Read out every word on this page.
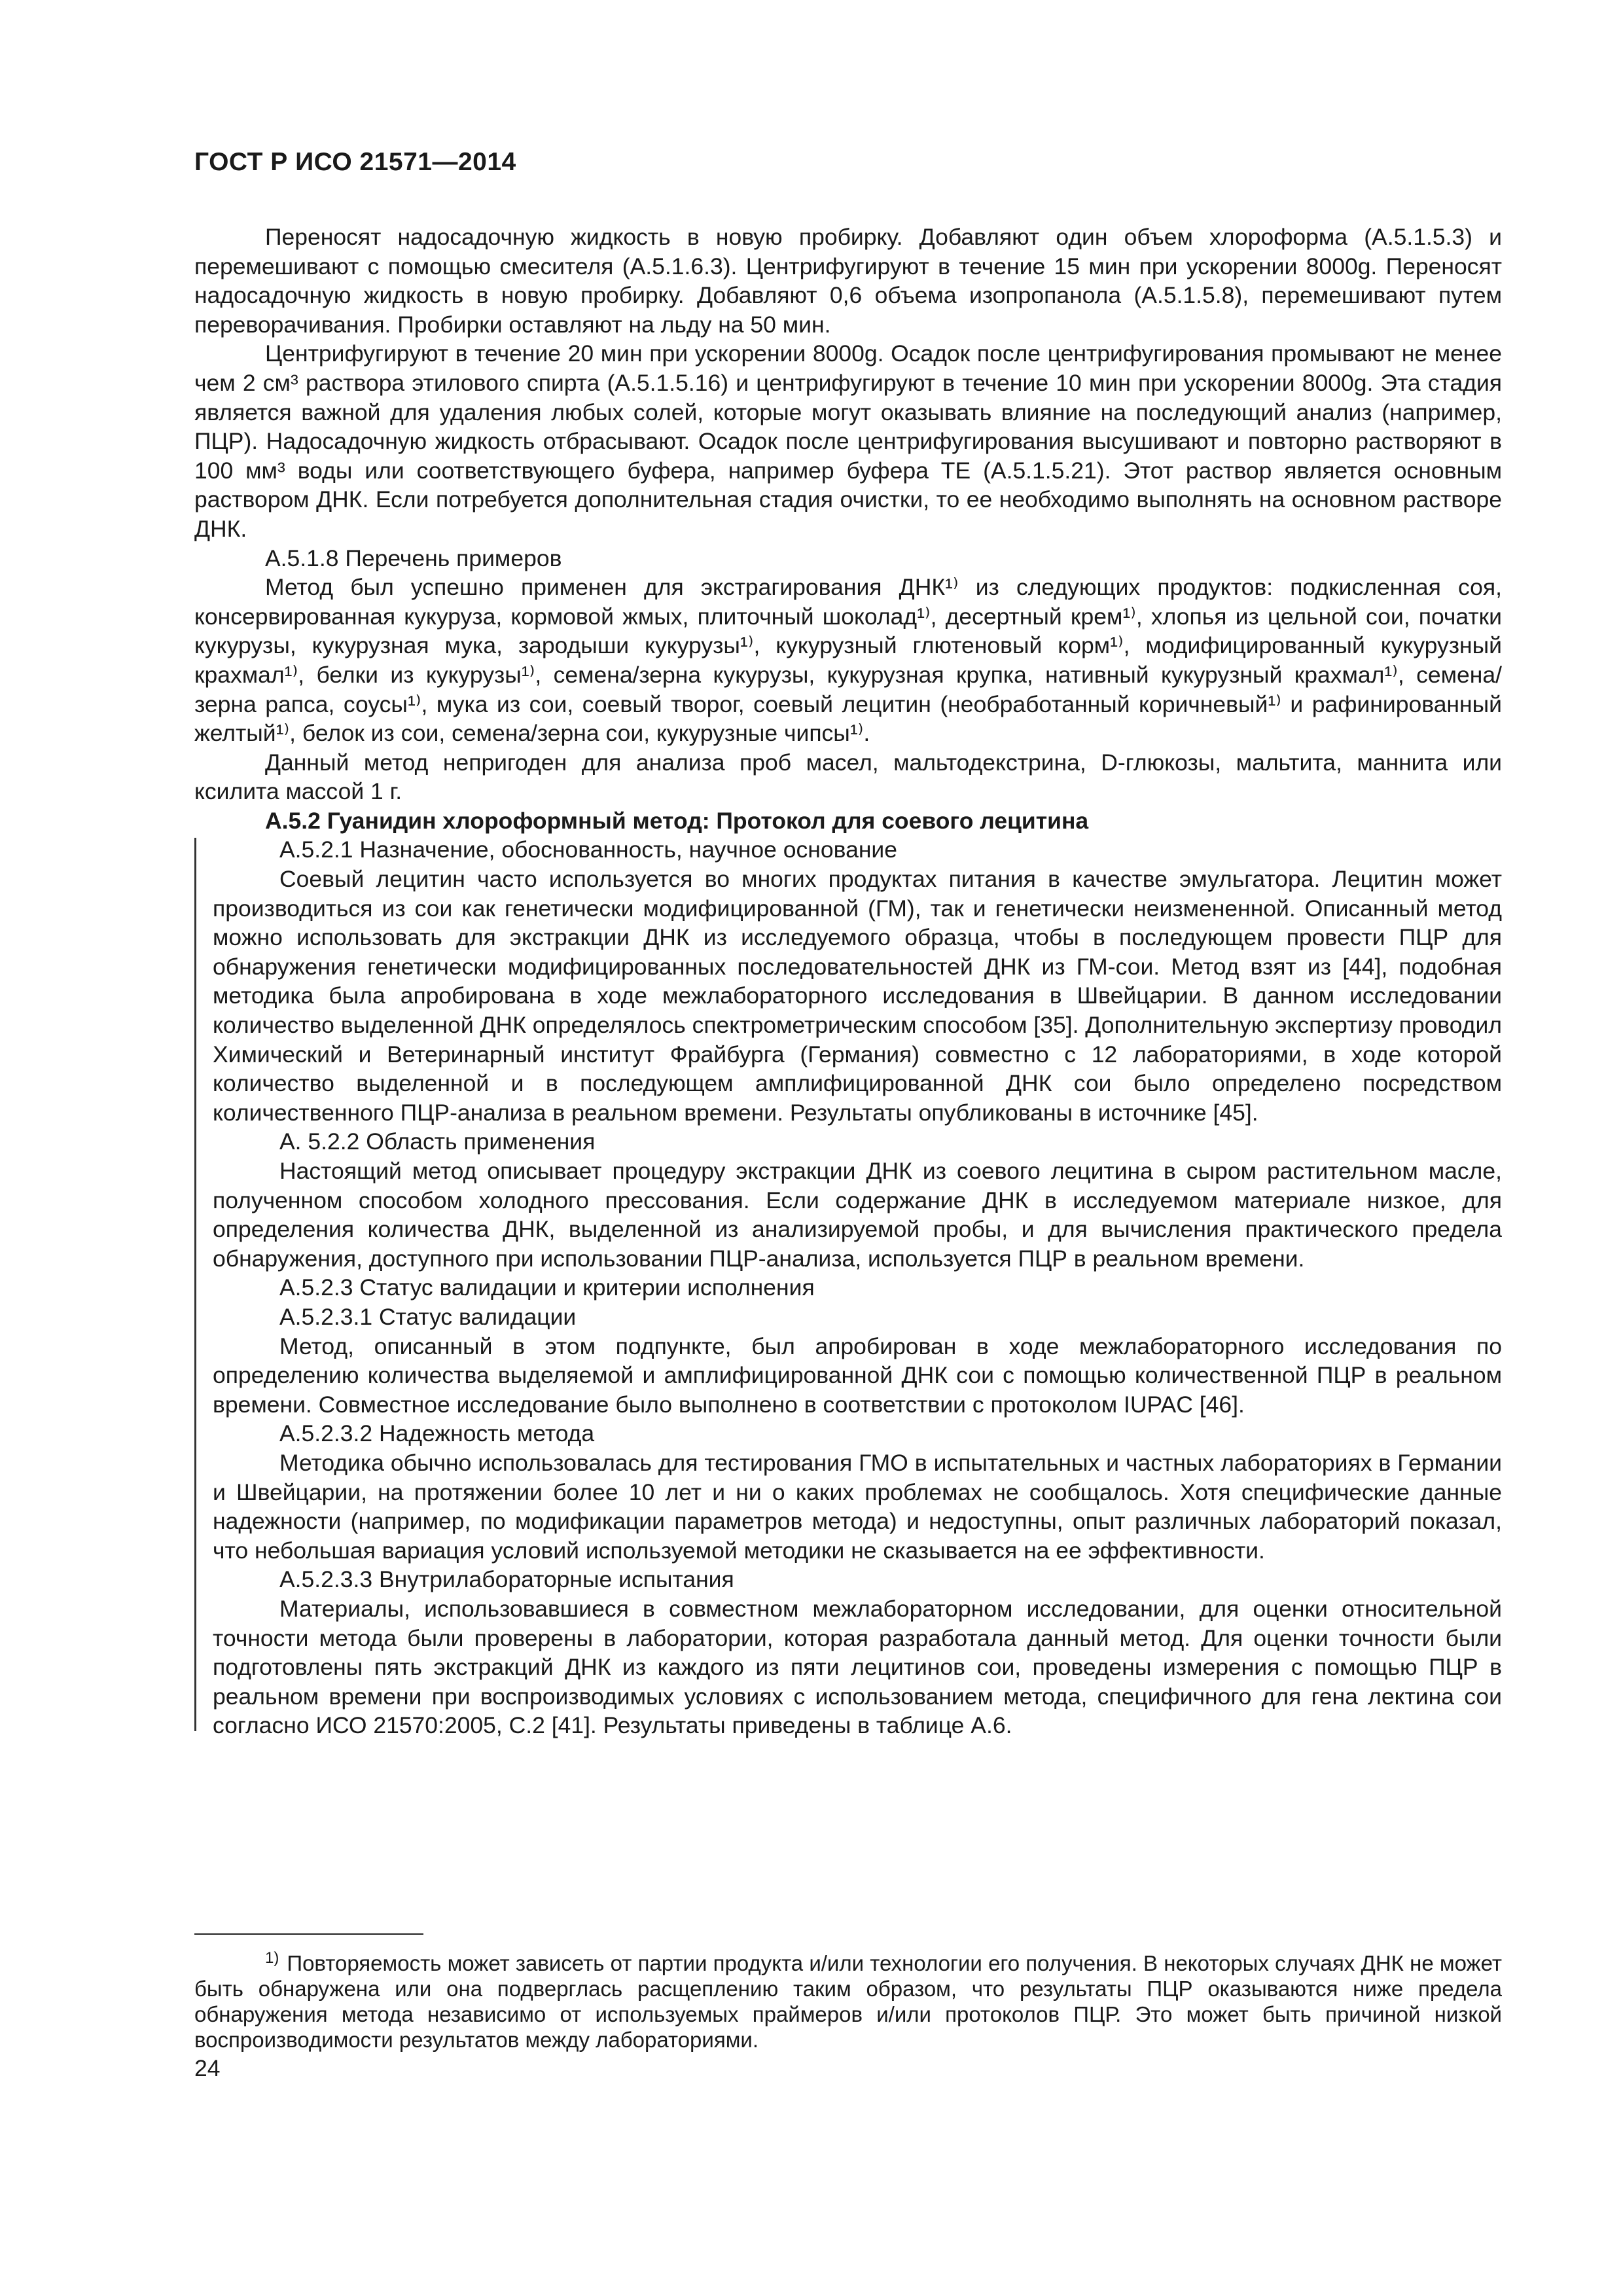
ГОСТ Р ИСО 21571—2014

Переносят надосадочную жидкость в новую пробирку. Добавляют один объем хлороформа (А.5.1.5.3) и перемешивают с помощью смесителя (А.5.1.6.3). Центрифугируют в течение 15 мин при ускорении 8000g. Переносят надосадочную жидкость в новую пробирку. Добавляют 0,6 объема изопропанола (А.5.1.5.8), перемешивают путем переворачивания. Пробирки оставляют на льду на 50 мин.

Центрифугируют в течение 20 мин при ускорении 8000g. Осадок после центрифугирования промывают не менее чем 2 см³ раствора этилового спирта (А.5.1.5.16) и центрифугируют в течение 10 мин при ускорении 8000g. Эта стадия является важной для удаления любых солей, которые могут оказывать влияние на последующий анализ (например, ПЦР). Надосадочную жидкость отбрасывают. Осадок после центрифугирования высушивают и повторно растворяют в 100 мм³ воды или соответствующего буфера, например буфера ТЕ (А.5.1.5.21). Этот раствор является основным раствором ДНК. Если потребуется дополнительная стадия очистки, то ее необходимо выполнять на основном растворе ДНК.

А.5.1.8 Перечень примеров

Метод был успешно применен для экстрагирования ДНК¹⁾ из следующих продуктов: подкисленная соя, консервированная кукуруза, кормовой жмых, плиточный шоколад¹⁾, десертный крем¹⁾, хлопья из цельной сои, початки кукурузы, кукурузная мука, зародыши кукурузы¹⁾, кукурузный глютеновый корм¹⁾, модифицированный кукурузный крахмал¹⁾, белки из кукурузы¹⁾, семена/зерна кукурузы, кукурузная крупка, нативный кукурузный крахмал¹⁾, семена/зерна рапса, соусы¹⁾, мука из сои, соевый творог, соевый лецитин (необработанный коричневый¹⁾ и рафинированный желтый¹⁾, белок из сои, семена/зерна сои, кукурузные чипсы¹⁾.

Данный метод непригоден для анализа проб масел, мальтодекстрина, D-глюкозы, мальтита, маннита или ксилита массой 1 г.

А.5.2 Гуанидин хлороформный метод: Протокол для соевого лецитина

А.5.2.1 Назначение, обоснованность, научное основание

Соевый лецитин часто используется во многих продуктах питания в качестве эмульгатора. Лецитин может производиться из сои как генетически модифицированной (ГМ), так и генетически неизмененной. Описанный метод можно использовать для экстракции ДНК из исследуемого образца, чтобы в последующем провести ПЦР для обнаружения генетически модифицированных последовательностей ДНК из ГМ-сои. Метод взят из [44], подобная методика была апробирована в ходе межлабораторного исследования в Швейцарии. В данном исследовании количество выделенной ДНК определялось спектрометрическим способом [35]. Дополнительную экспертизу проводил Химический и Ветеринарный институт Фрайбурга (Германия) совместно с 12 лабораториями, в ходе которой количество выделенной и в последующем амплифицированной ДНК сои было определено посредством количественного ПЦР-анализа в реальном времени. Результаты опубликованы в источнике [45].

А. 5.2.2 Область применения

Настоящий метод описывает процедуру экстракции ДНК из соевого лецитина в сыром растительном масле, полученном способом холодного прессования. Если содержание ДНК в исследуемом материале низкое, для определения количества ДНК, выделенной из анализируемой пробы, и для вычисления практического предела обнаружения, доступного при использовании ПЦР-анализа, используется ПЦР в реальном времени.

А.5.2.3 Статус валидации и критерии исполнения

А.5.2.3.1 Статус валидации

Метод, описанный в этом подпункте, был апробирован в ходе межлабораторного исследования по определению количества выделяемой и амплифицированной ДНК сои с помощью количественной ПЦР в реальном времени. Совместное исследование было выполнено в соответствии с протоколом IUPAC [46].

А.5.2.3.2 Надежность метода

Методика обычно использовалась для тестирования ГМО в испытательных и частных лабораториях в Германии и Швейцарии, на протяжении более 10 лет и ни о каких проблемах не сообщалось. Хотя специфические данные надежности (например, по модификации параметров метода) и недоступны, опыт различных лабораторий показал, что небольшая вариация условий используемой методики не сказывается на ее эффективности.

А.5.2.3.3 Внутрилабораторные испытания

Материалы, использовавшиеся в совместном межлабораторном исследовании, для оценки относительной точности метода были проверены в лаборатории, которая разработала данный метод. Для оценки точности были подготовлены пять экстракций ДНК из каждого из пяти лецитинов сои, проведены измерения с помощью ПЦР в реальном времени при воспроизводимых условиях с использованием метода, специфичного для гена лектина сои согласно ИСО 21570:2005, С.2 [41]. Результаты приведены в таблице А.6.

$^{1)}$ Повторяемость может зависеть от партии продукта и/или технологии его получения. В некоторых случаях ДНК не может быть обнаружена или она подверглась расщеплению таким образом, что результаты ПЦР оказываются ниже предела обнаружения метода независимо от используемых праймеров и/или протоколов ПЦР. Это может быть причиной низкой воспроизводимости результатов между лабораториями.

24
